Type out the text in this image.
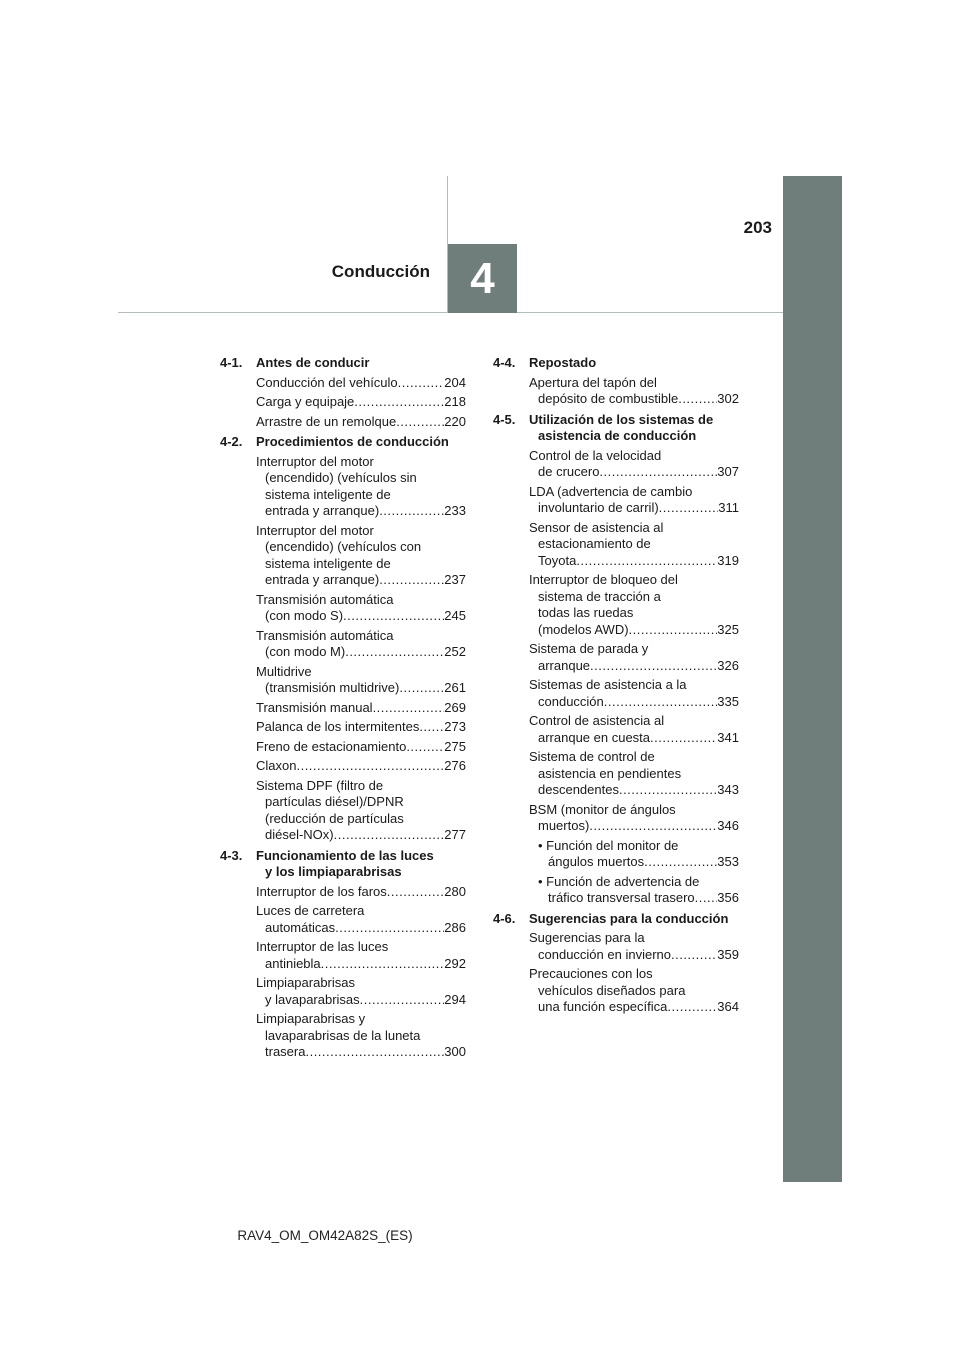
4
Conducción
203
4-1.	Antes de conducir
Conducción del vehículo .....	204
Carga y equipaje .....	218
Arrastre de un remolque .....	220
4-2.	Procedimientos de conducción
Interruptor del motor
(encendido) (vehículos sin
sistema inteligente de
entrada y arranque) .....	233
Interruptor del motor
(encendido) (vehículos con
sistema inteligente de
entrada y arranque) .....	237
Transmisión automática
(con modo S) .....	245
Transmisión automática
(con modo M) .....	252
Multidrive
(transmisión multidrive) .....	261
Transmisión manual .....	269
Palanca de los intermitentes ..... 273
Freno de estacionamiento .....	275
Claxon .....	276
Sistema DPF (filtro de
partículas diésel)/DPNR
(reducción de partículas
diésel-NOx) .....	277
4-3.	Funcionamiento de las luces
y los limpiaparabrisas
Interruptor de los faros .....	280
Luces de carretera
automáticas .....	286
Interruptor de las luces
antiniebla .....	292
Limpiaparabrisas
y lavaparabrisas .....	294
Limpiaparabrisas y
lavaparabrisas de la luneta
trasera .....	300
4-4.	Repostado
Apertura del tapón del
depósito de combustible .....	302
4-5.	Utilización de los sistemas de
asistencia de conducción
Control de la velocidad
de crucero .....	307
LDA (advertencia de cambio
involuntario de carril) .....	311
Sensor de asistencia al
estacionamiento de
Toyota .....	319
Interruptor de bloqueo del
sistema de tracción a
todas las ruedas
(modelos AWD) .....	325
Sistema de parada y
arranque .....	326
Sistemas de asistencia a la
conducción .....	335
Control de asistencia al
arranque en cuesta .....	341
Sistema de control de
asistencia en pendientes
descendentes .....	343
BSM (monitor de ángulos
muertos) .....	346
• Función del monitor de
ángulos muertos .....	353
• Función de advertencia de
tráfico transversal trasero ..... 356
4-6.	Sugerencias para la conducción
Sugerencias para la
conducción en invierno .....	359
Precauciones con los
vehículos diseñados para
una función específica .....	364
RAV4_OM_OM42A82S_(ES)
